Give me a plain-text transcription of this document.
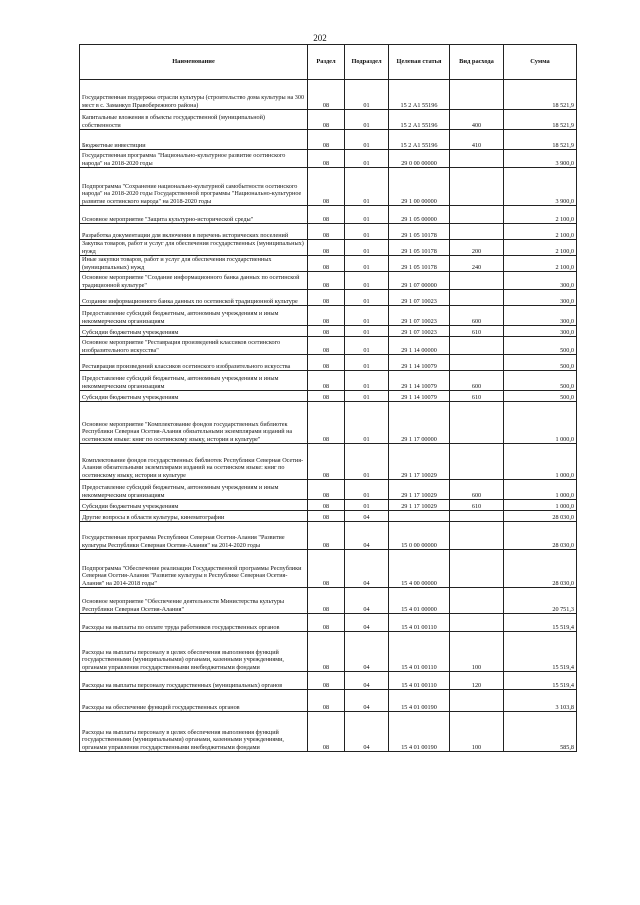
202
Наименование	Раздел	Подраздел	Целевая статья	Вид расхода	Сумма
Государственная поддержка отрасли культуры (строительство дома культуры на 300 мест в с. Заманкул Правобережного района)	08	01	15 2 А1 55196		18 521,9
Капитальные вложения в объекты государственной (муниципальной) собственности	08	01	15 2 А1 55196	400	18 521,9
Бюджетные инвестиции	08	01	15 2 А1 55196	410	18 521,9
Государственная программа "Национально-культурное развитие осетинского народа" на 2018-2020 годы	08	01	29 0 00 00000		3 900,0
Подпрограмма "Сохранение национально-культурной самобытности осетинского народа" на 2018-2020 годы Государственной программы "Национально-культурное развитие осетинского народа" на 2018-2020 годы	08	01	29 1 00 00000		3 900,0
Основное мероприятие "Защита культурно-исторической среды"	08	01	29 1 05 00000		2 100,0
Разработка документации для включения в перечень исторических поселений	08	01	29 1 05 10178		2 100,0
Закупка товаров, работ и услуг для обеспечения государственных (муниципальных) нужд	08	01	29 1 05 10178	200	2 100,0
Иные закупки товаров, работ и услуг для обеспечения государственных (муниципальных) нужд	08	01	29 1 05 10178	240	2 100,0
Основное мероприятие "Создание информационного банка данных по осетинской традиционной культуре"	08	01	29 1 07 00000		300,0
Создание информационного банка данных по осетинской традиционной культуре	08	01	29 1 07 10023		300,0
Предоставление субсидий бюджетным, автономным учреждениям и иным некоммерческим организациям	08	01	29 1 07 10023	600	300,0
Субсидии бюджетным учреждениям	08	01	29 1 07 10023	610	300,0
Основное мероприятие "Реставрация произведений классиков осетинского изобразительного искусства"	08	01	29 1 14 00000		500,0
Реставрация произведений классиков осетинского изобразительного искусства	08	01	29 1 14 10079		500,0
Предоставление субсидий бюджетным, автономным учреждениям и иным некоммерческим организациям	08	01	29 1 14 10079	600	500,0
Субсидии бюджетным учреждениям	08	01	29 1 14 10079	610	500,0
Основное мероприятие "Комплектование фондов государственных библиотек Республики Северная Осетия-Алания обязательными экземплярами изданий на осетинском языке: книг по осетинскому языку, истории и культуре"	08	01	29 1 17 00000		1 000,0
Комплектование фондов государственных библиотек Республики Северная Осетия-Алания обязательными экземплярами изданий на осетинском языке: книг по осетинскому языку, истории и культуре	08	01	29 1 17 10029		1 000,0
Предоставление субсидий бюджетным, автономным учреждениям и иным некоммерческим организациям	08	01	29 1 17 10029	600	1 000,0
Субсидии бюджетным учреждениям	08	01	29 1 17 10029	610	1 000,0
Другие вопросы в области культуры, кинематографии	08	04			28 030,0
Государственная программа Республики Северная Осетия-Алания "Развитие культуры Республики Северная Осетия-Алания" на 2014-2020 годы	08	04	15 0 00 00000		28 030,0
Подпрограмма "Обеспечение реализации Государственной программы Республики Северная Осетия-Алания "Развитие культуры в Республике Северная Осетия-Алания" на 2014-2018 годы"	08	04	15 4 00 00000		28 030,0
Основное мероприятие "Обеспечение деятельности Министерства культуры Республики Северная Осетия-Алания"	08	04	15 4 01 00000		20 751,3
Расходы на выплаты по оплате труда работников государственных органов	08	04	15 4 01 00110		15 519,4
Расходы на выплаты персоналу в целях обеспечения выполнения функций государственными (муниципальными) органами, казенными учреждениями, органами управления государственными внебюджетными фондами	08	04	15 4 01 00110	100	15 519,4
Расходы на выплаты персоналу государственных (муниципальных) органов	08	04	15 4 01 00110	120	15 519,4
Расходы на обеспечение функций государственных органов	08	04	15 4 01 00190		3 103,8
Расходы на выплаты персоналу в целях обеспечения выполнения функций государственными (муниципальными) органами, казенными учреждениями, органами управления государственными внебюджетными фондами	08	04	15 4 01 00190	100	585,8
